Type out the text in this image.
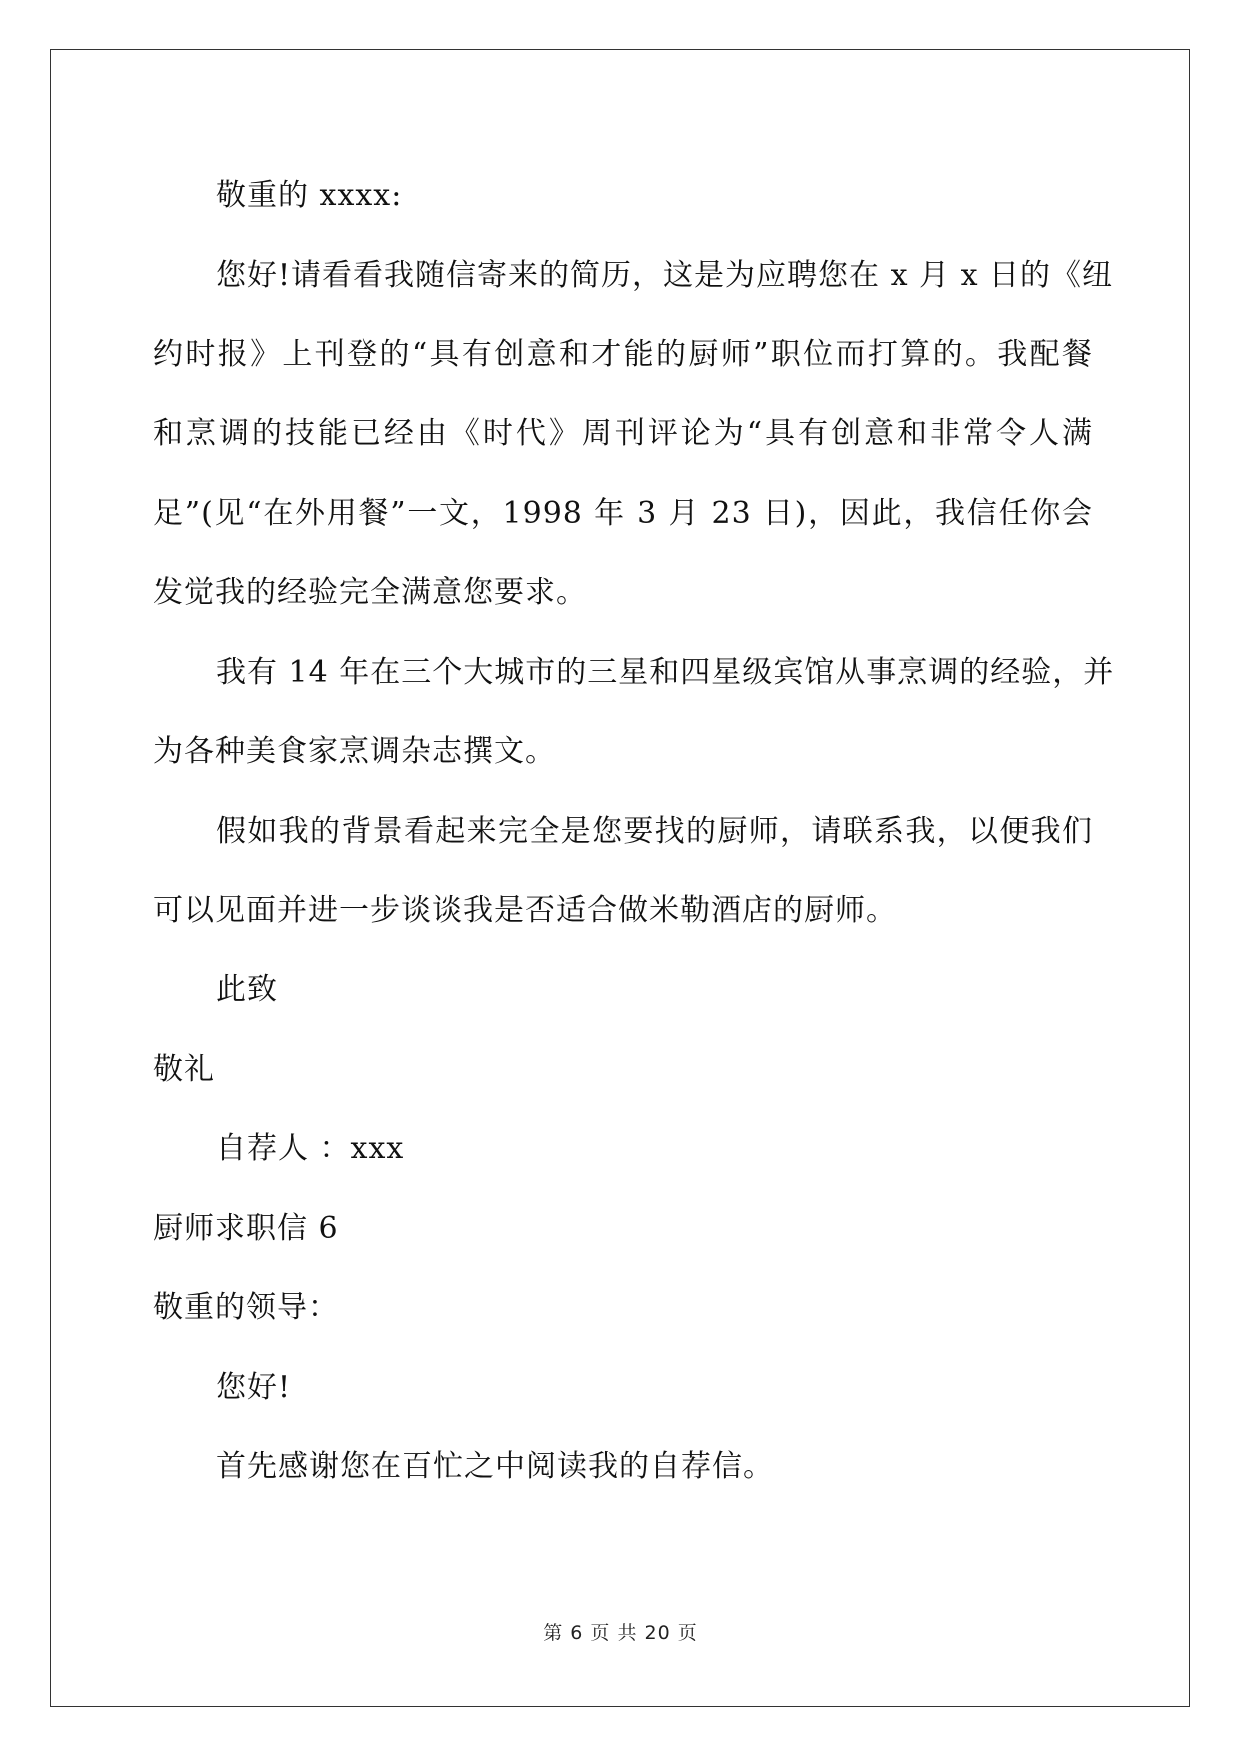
敬重的 xxxx:
您好!请看看我随信寄来的简历，这是为应聘您在 x 月 x 日的《纽
约时报》上刊登的“具有创意和才能的厨师”职位而打算的。我配餐
和烹调的技能已经由《时代》周刊评论为“具有创意和非常令人满
足”(见“在外用餐”一文，1998 年 3 月 23 日)，因此，我信任你会
发觉我的经验完全满意您要求。
我有 14 年在三个大城市的三星和四星级宾馆从事烹调的经验，并
为各种美食家烹调杂志撰文。
假如我的背景看起来完全是您要找的厨师，请联系我，以便我们
可以见面并进一步谈谈我是否适合做米勒酒店的厨师。
此致
敬礼
自荐人 ：xxx
厨师求职信 6
敬重的领导：
您好!
首先感谢您在百忙之中阅读我的自荐信。
第 6 页 共 20 页
